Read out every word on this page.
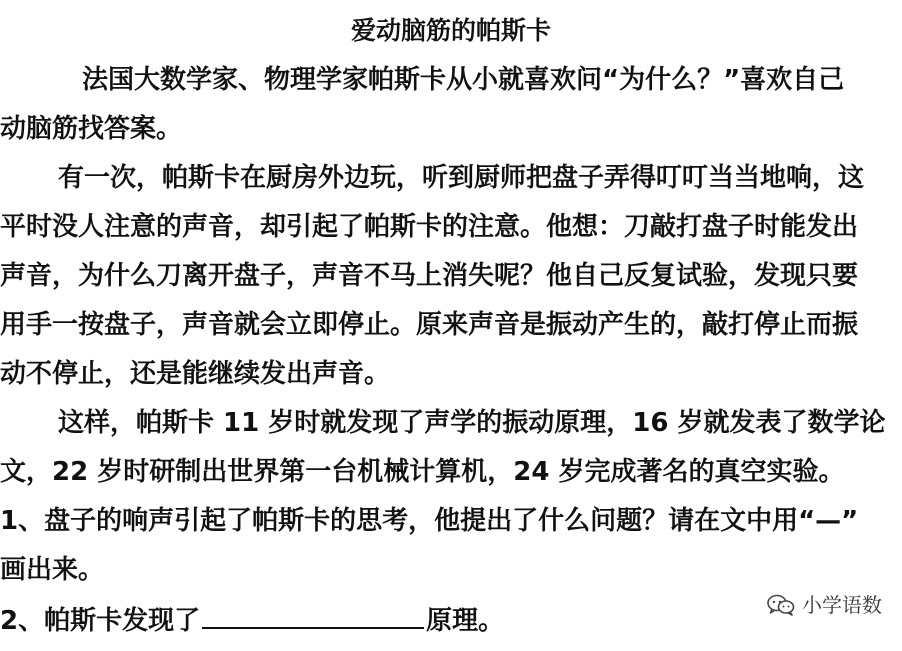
爱动脑筋的帕斯卡
法国大数学家、物理学家帕斯卡从小就喜欢问“为什么？”喜欢自己
动脑筋找答案。
有一次，帕斯卡在厨房外边玩，听到厨师把盘子弄得叮叮当当地响，这
平时没人注意的声音，却引起了帕斯卡的注意。他想：刀敲打盘子时能发出
声音，为什么刀离开盘子，声音不马上消失呢？他自己反复试验，发现只要
用手一按盘子，声音就会立即停止。原来声音是振动产生的，敲打停止而振
动不停止，还是能继续发出声音。
这样，帕斯卡 11 岁时就发现了声学的振动原理，16 岁就发表了数学论
文，22 岁时研制出世界第一台机械计算机，24 岁完成著名的真空实验。
1、盘子的响声引起了帕斯卡的思考，他提出了什么问题？请在文中用“—”
画出来。
2、帕斯卡发现了	原理。
小学语数
